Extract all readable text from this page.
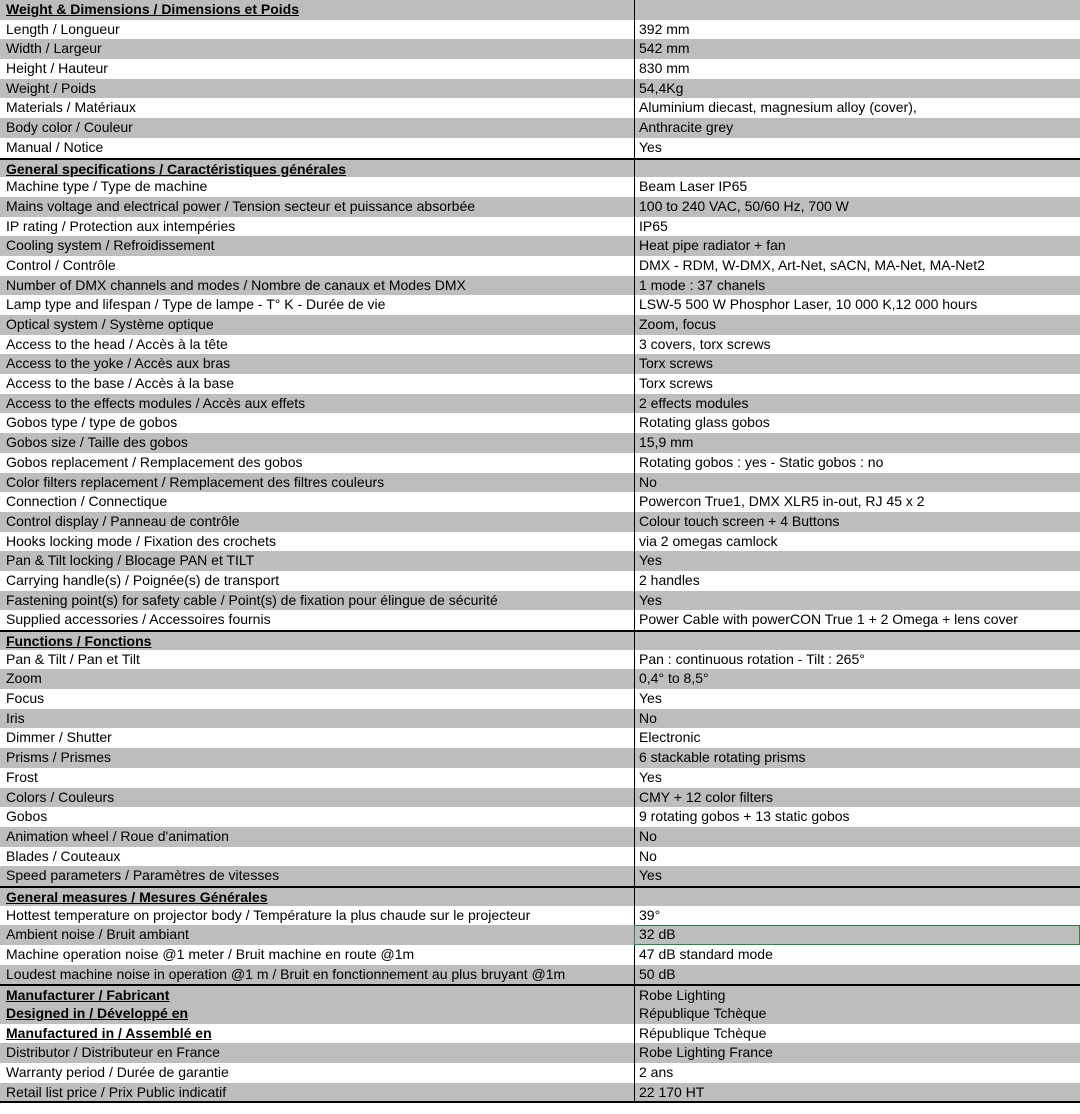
Weight & Dimensions / Dimensions et Poids
Length / Longueur	392 mm
Width / Largeur	542 mm
Height / Hauteur	830 mm
Weight / Poids	54,4Kg
Materials / Matériaux	Aluminium diecast, magnesium alloy (cover),
Body color / Couleur	Anthracite grey
Manual / Notice	Yes
General specifications / Caractéristiques générales
Machine type / Type de machine	Beam Laser IP65
Mains voltage and electrical power / Tension secteur et puissance absorbée	100 to 240 VAC, 50/60 Hz, 700 W
IP rating / Protection aux intempéries	IP65
Cooling system / Refroidissement	Heat pipe radiator + fan
Control / Contrôle	DMX - RDM, W-DMX, Art-Net, sACN, MA-Net, MA-Net2
Number of DMX channels and modes / Nombre de canaux et Modes DMX	1 mode : 37 chanels
Lamp type and lifespan / Type de lampe - T° K - Durée de vie	LSW-5 500 W Phosphor Laser, 10 000 K,12 000 hours
Optical system / Système optique	Zoom, focus
Access to the head / Accès à la tête	3 covers, torx screws
Access to the yoke / Accès aux bras	Torx screws
Access to the base / Accès à la base	Torx screws
Access to the effects modules / Accès aux effets	2 effects modules
Gobos type / type de gobos	Rotating glass gobos
Gobos size / Taille des gobos	15,9 mm
Gobos replacement / Remplacement des gobos	Rotating gobos : yes - Static gobos : no
Color filters replacement / Remplacement des filtres couleurs	No
Connection / Connectique	Powercon True1, DMX XLR5 in-out, RJ 45 x 2
Control display / Panneau de contrôle	Colour touch screen + 4 Buttons
Hooks locking mode / Fixation des crochets	via 2 omegas camlock
Pan & Tilt locking / Blocage PAN et TILT	Yes
Carrying handle(s) / Poignée(s) de transport	2 handles
Fastening point(s) for safety cable / Point(s) de fixation pour élingue de sécurité	Yes
Supplied accessories / Accessoires fournis	Power Cable with powerCON True 1 + 2 Omega + lens cover
Functions / Fonctions
Pan & Tilt / Pan et Tilt	Pan : continuous rotation - Tilt : 265°
Zoom	0,4° to 8,5°
Focus	Yes
Iris	No
Dimmer / Shutter	Electronic
Prisms / Prismes	6 stackable rotating prisms
Frost	Yes
Colors / Couleurs	CMY + 12 color filters
Gobos	9 rotating gobos + 13 static gobos
Animation wheel / Roue d'animation	No
Blades / Couteaux	No
Speed parameters / Paramètres de vitesses	Yes
General measures / Mesures Générales
Hottest temperature on projector body / Température la plus chaude sur le projecteur	39°
Ambient noise / Bruit ambiant	32 dB
Machine operation noise @1 meter / Bruit machine en route @1m	47 dB standard mode
Loudest machine noise in operation @1 m / Bruit en fonctionnement au plus bruyant @1m	50 dB
Manufacturer / Fabricant	Robe Lighting
Designed in / Développé en	République Tchèque
Manufactured in / Assemblé en	République Tchèque
Distributor / Distributeur en France	Robe Lighting France
Warranty period / Durée de garantie	2 ans
Retail list price / Prix Public indicatif	22 170 HT
